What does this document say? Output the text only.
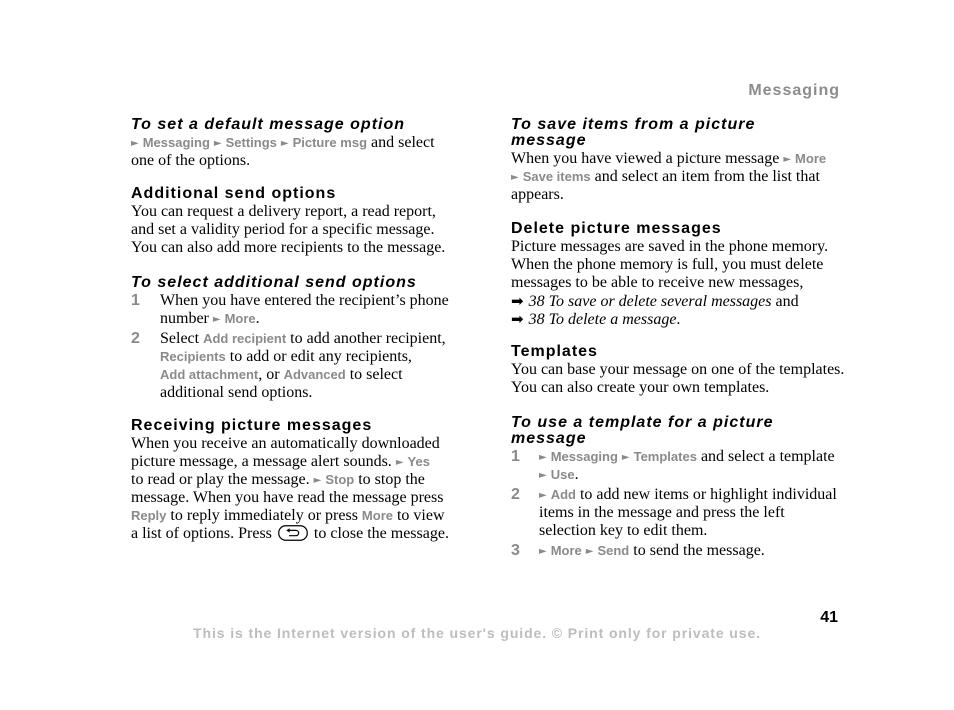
Messaging
To set a default message option
► Messaging ► Settings ► Picture msg and select
one of the options.
Additional send options
You can request a delivery report, a read report,
and set a validity period for a specific message.
You can also add more recipients to the message.
To select additional send options
1	When you have entered the recipient’s phone
number ► More.
2	Select Add recipient to add another recipient,
Recipients to add or edit any recipients,
Add attachment, or Advanced to select
additional send options.
Receiving picture messages
When you receive an automatically downloaded
picture message, a message alert sounds. ► Yes
to read or play the message. ► Stop to stop the
message. When you have read the message press
Reply to reply immediately or press More to view
a list of options. Press
to close the message.
To save items from a picture
message
When you have viewed a picture message ► More
► Save items and select an item from the list that
appears.
Delete picture messages
Picture messages are saved in the phone memory.
When the phone memory is full, you must delete
messages to be able to receive new messages,
➡ 38 To save or delete several messages and
➡ 38 To delete a message.
Templates
You can base your message on one of the templates.
You can also create your own templates.
To use a template for a picture
message
1	► Messaging ► Templates and select a template
► Use.
2	► Add to add new items or highlight individual
items in the message and press the left
selection key to edit them.
3	► More ► Send to send the message.
41
This is the Internet version of the user's guide. © Print only for private use.
